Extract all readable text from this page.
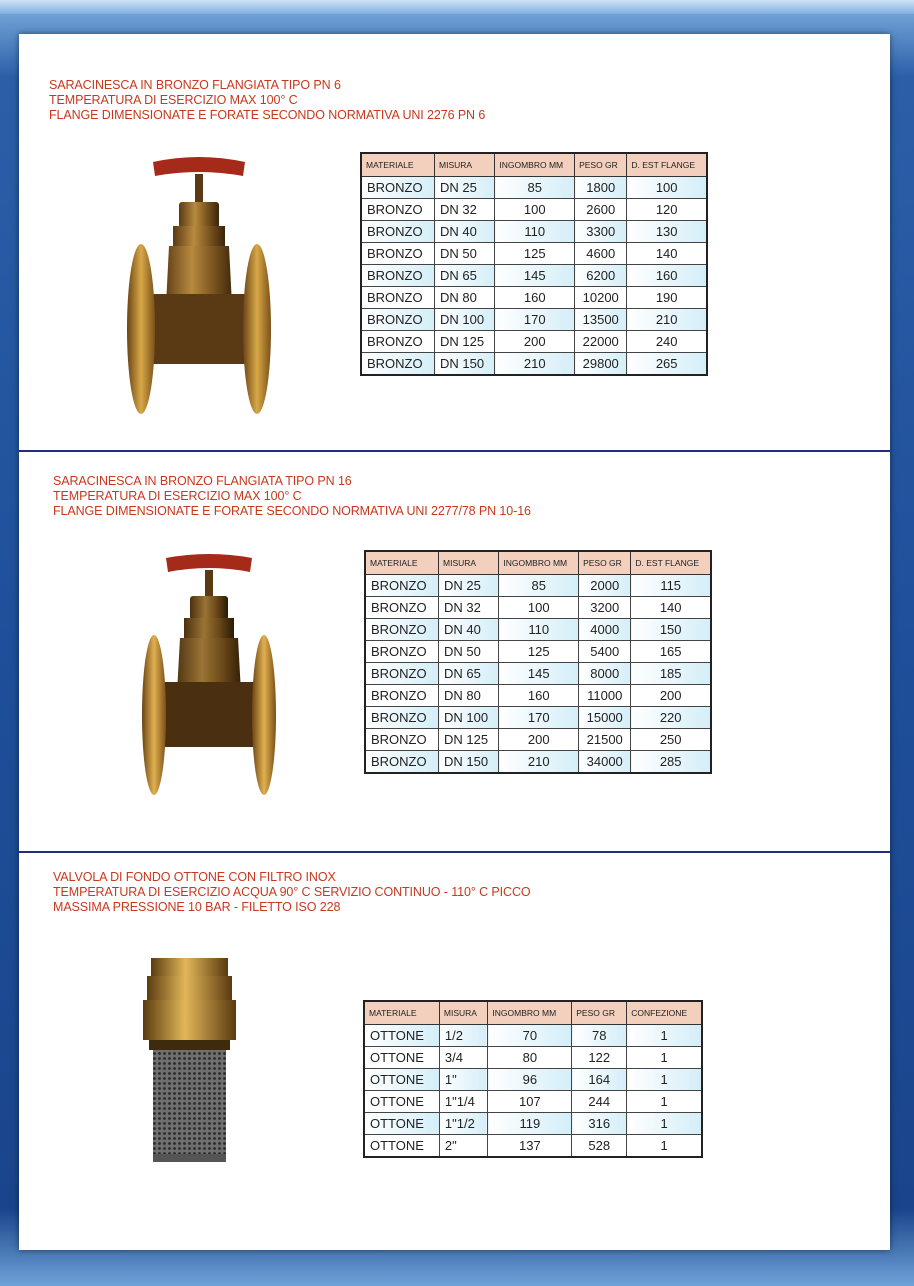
SARACINESCA IN BRONZO FLANGIATA TIPO PN 6
TEMPERATURA DI ESERCIZIO MAX 100° C
FLANGE DIMENSIONATE E FORATE SECONDO NORMATIVA UNI 2276 PN 6
MATERIALE	MISURA	INGOMBRO MM	PESO GR	D. EST FLANGE
BRONZO	DN 25	85	1800	100
BRONZO	DN 32	100	2600	120
BRONZO	DN 40	110	3300	130
BRONZO	DN 50	125	4600	140
BRONZO	DN 65	145	6200	160
BRONZO	DN 80	160	10200	190
BRONZO	DN 100	170	13500	210
BRONZO	DN 125	200	22000	240
BRONZO	DN 150	210	29800	265
SARACINESCA IN BRONZO FLANGIATA TIPO PN 16
TEMPERATURA DI ESERCIZIO MAX 100° C
FLANGE DIMENSIONATE E FORATE SECONDO NORMATIVA UNI 2277/78 PN 10-16
MATERIALE	MISURA	INGOMBRO MM	PESO GR	D. EST FLANGE
BRONZO	DN 25	85	2000	115
BRONZO	DN 32	100	3200	140
BRONZO	DN 40	110	4000	150
BRONZO	DN 50	125	5400	165
BRONZO	DN 65	145	8000	185
BRONZO	DN 80	160	11000	200
BRONZO	DN 100	170	15000	220
BRONZO	DN 125	200	21500	250
BRONZO	DN 150	210	34000	285
VALVOLA DI FONDO OTTONE CON FILTRO INOX
TEMPERATURA DI ESERCIZIO ACQUA 90° C SERVIZIO CONTINUO - 110° C PICCO
MASSIMA PRESSIONE 10 BAR - FILETTO ISO 228
MATERIALE	MISURA	INGOMBRO MM	PESO GR	CONFEZIONE
OTTONE	1/2	70	78	1
OTTONE	3/4	80	122	1
OTTONE	1"	96	164	1
OTTONE	1"1/4	107	244	1
OTTONE	1"1/2	119	316	1
OTTONE	2"	137	528	1
